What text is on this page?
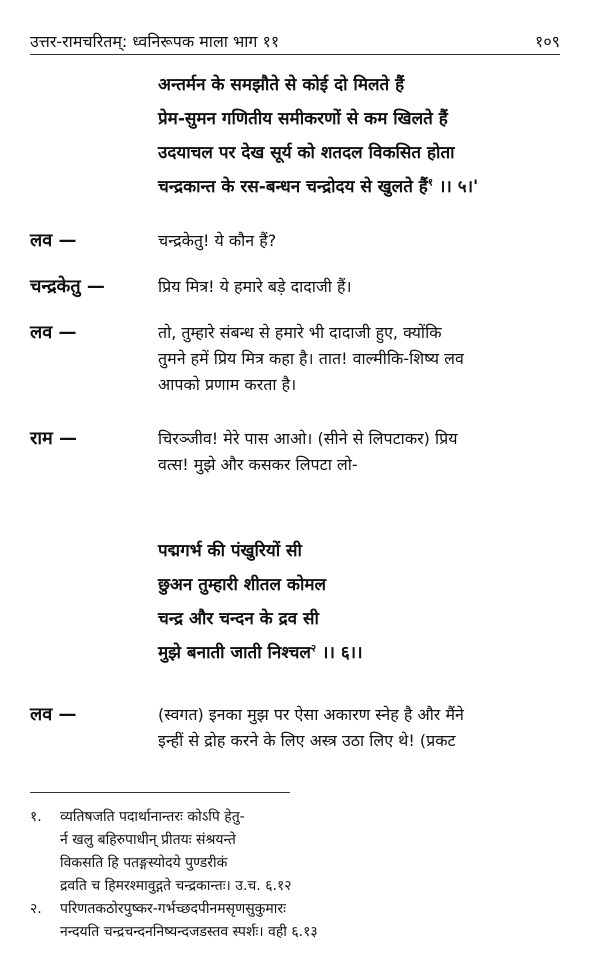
उत्तर-रामचरितम्: ध्वनिरूपक माला भाग ११	१०९
अन्तर्मन के समझौते से कोई दो मिलते हैं
प्रेम-सुमन गणितीय समीकरणों से कम खिलते हैं
उदयाचल पर देख सूर्य को शतदल विकसित होता
चन्द्रकान्त के रस-बन्धन चन्द्रोदय से खुलते हैं$^१$ ।। ५।'
लव —	चन्द्रकेतु! ये कौन हैं?
चन्द्रकेतु —	प्रिय मित्र! ये हमारे बड़े दादाजी हैं।
लव —	तो, तुम्हारे संबन्ध से हमारे भी दादाजी हुए, क्योंकि
तुमने हमें प्रिय मित्र कहा है। तात! वाल्मीकि-शिष्य लव
आपको प्रणाम करता है।
राम —	चिरञ्जीव! मेरे पास आओ। (सीने से लिपटाकर) प्रिय
वत्स! मुझे और कसकर लिपटा लो-
पद्मगर्भ की पंखुरियों सी
छुअन तुम्हारी शीतल कोमल
चन्द्र और चन्दन के द्रव सी
मुझे बनाती जाती निश्चल$^२$ ।। ६।।
लव —	(स्वगत) इनका मुझ पर ऐसा अकारण स्नेह है और मैंने
इन्हीं से द्रोह करने के लिए अस्त्र उठा लिए थे! (प्रकट
१. व्यतिषजति पदार्थानान्तरः कोऽपि हेतु-
र्न खलु बहिरुपाधीन् प्रीतयः संश्रयन्ते
विकसति हि पतङ्गस्योदये पुण्डरीकं
द्रवति च हिमरश्मावुद्गते चन्द्रकान्तः। उ.च. ६.१२
२. परिणतकठोरपुष्कर-गर्भच्छदपीनमसृणसुकुमारः
नन्दयति चन्द्रचन्दननिष्यन्दजडस्तव स्पर्शः। वही ६.१३
